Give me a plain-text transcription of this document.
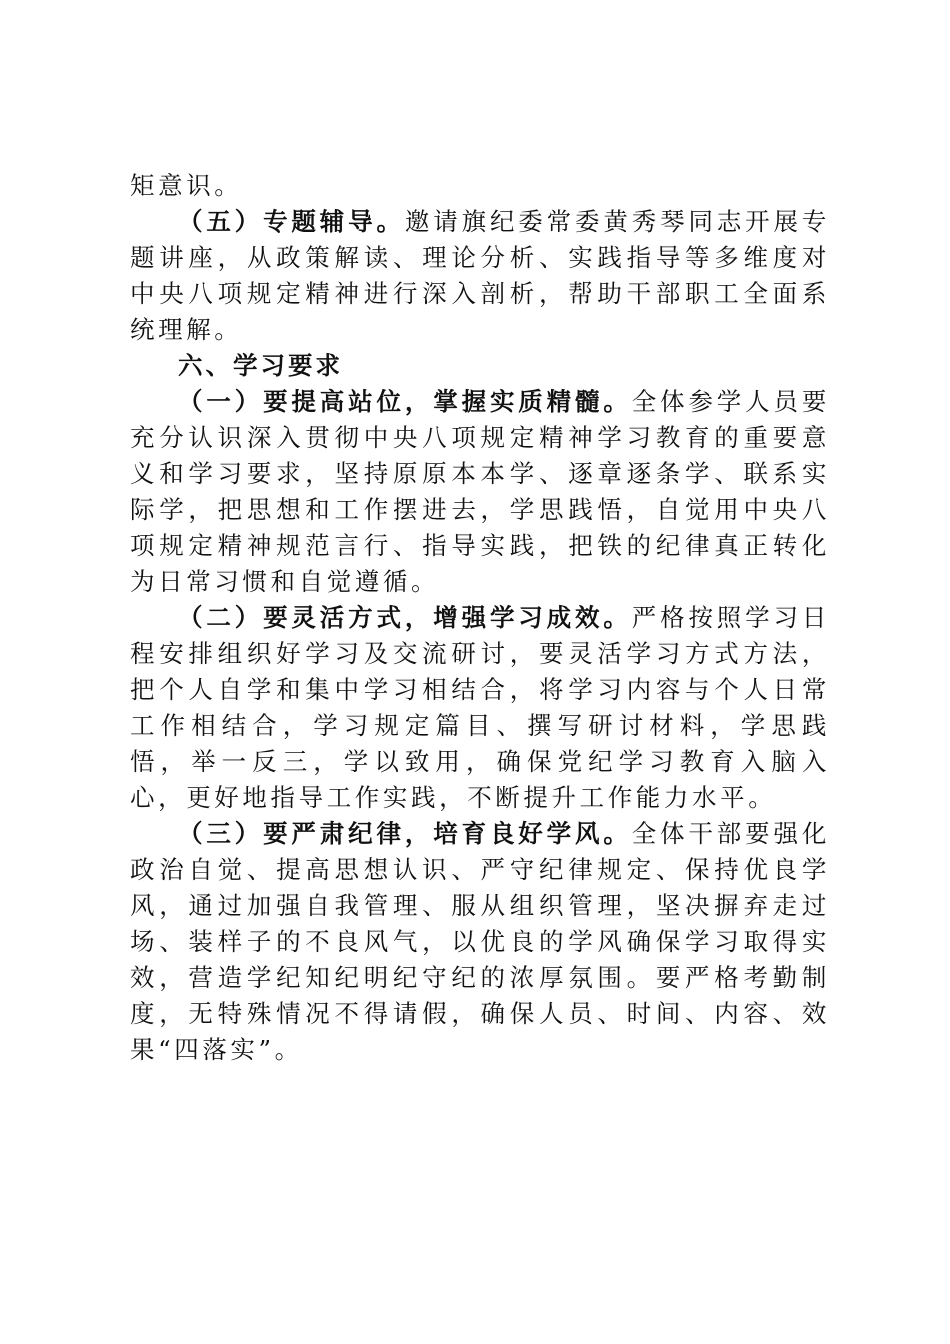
矩意识。

（五）专题辅导。邀请旗纪委常委黄秀琴同志开展专题讲座，从政策解读、理论分析、实践指导等多维度对中央八项规定精神进行深入剖析，帮助干部职工全面系统理解。

六、学习要求

（一）要提高站位，掌握实质精髓。全体参学人员要充分认识深入贯彻中央八项规定精神学习教育的重要意义和学习要求，坚持原原本本学、逐章逐条学、联系实际学，把思想和工作摆进去，学思践悟，自觉用中央八项规定精神规范言行、指导实践，把铁的纪律真正转化为日常习惯和自觉遵循。

（二）要灵活方式，增强学习成效。严格按照学习日程安排组织好学习及交流研讨，要灵活学习方式方法，把个人自学和集中学习相结合，将学习内容与个人日常工作相结合，学习规定篇目、撰写研讨材料，学思践悟，举一反三，学以致用，确保党纪学习教育入脑入心，更好地指导工作实践，不断提升工作能力水平。

（三）要严肃纪律，培育良好学风。全体干部要强化政治自觉、提高思想认识、严守纪律规定、保持优良学风，通过加强自我管理、服从组织管理，坚决摒弃走过场、装样子的不良风气，以优良的学风确保学习取得实效，营造学纪知纪明纪守纪的浓厚氛围。要严格考勤制度，无特殊情况不得请假，确保人员、时间、内容、效果“四落实”。
